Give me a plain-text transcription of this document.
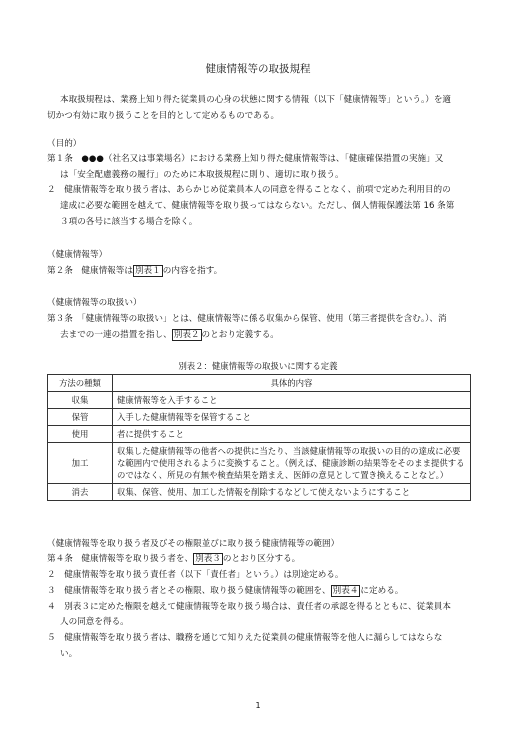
健康情報等の取扱規程
本取扱規程は、業務上知り得た従業員の心身の状態に関する情報（以下「健康情報等」という。）を適
切かつ有効に取り扱うことを目的として定めるものである。
（目的）
第１条　●●●（社名又は事業場名）における業務上知り得た健康情報等は、「健康確保措置の実施」又
は「安全配慮義務の履行」のために本取扱規程に則り、適切に取り扱う。
２　健康情報等を取り扱う者は、あらかじめ従業員本人の同意を得ることなく、前項で定めた利用目的の
達成に必要な範囲を越えて、健康情報等を取り扱ってはならない。ただし、個人情報保護法第 16 条第
３項の各号に該当する場合を除く。
（健康情報等）
第２条　健康情報等は 別表１ の内容を指す。
（健康情報等の取扱い）
第３条　「健康情報等の取扱い」とは、健康情報等に係る収集から保管、使用（第三者提供を含む。）、消
去までの一連の措置を指し、 別表２ のとおり定義する。
別表２：健康情報等の取扱いに関する定義
方法の種類	具体的内容
収集	健康情報等を入手すること
保管	入手した健康情報等を保管すること
使用	者に提供すること
加工	収集した健康情報等の他者への提供に当たり、当該健康情報等の取扱いの目的の達成に必要な範囲内で使用されるように変換すること。（例えば、健康診断の結果等をそのまま提供するのではなく、所見の有無や検査結果を踏まえ、医師の意見として置き換えることなど。）
消去	収集、保管、使用、加工した情報を削除するなどして使えないようにすること
（健康情報等を取り扱う者及びその権限並びに取り扱う健康情報等の範囲）
第４条　健康情報等を取り扱う者を、 別表３ のとおり区分する。
２　健康情報等を取り扱う責任者（以下「責任者」という。）は別途定める。
３　健康情報等を取り扱う者とその権限、取り扱う健康情報等の範囲を、 別表４ に定める。
４　別表３に定めた権限を越えて健康情報等を取り扱う場合は、責任者の承認を得るとともに、従業員本
人の同意を得る。
５　健康情報等を取り扱う者は、職務を通じて知りえた従業員の健康情報等を他人に漏らしてはならな
い。
1
